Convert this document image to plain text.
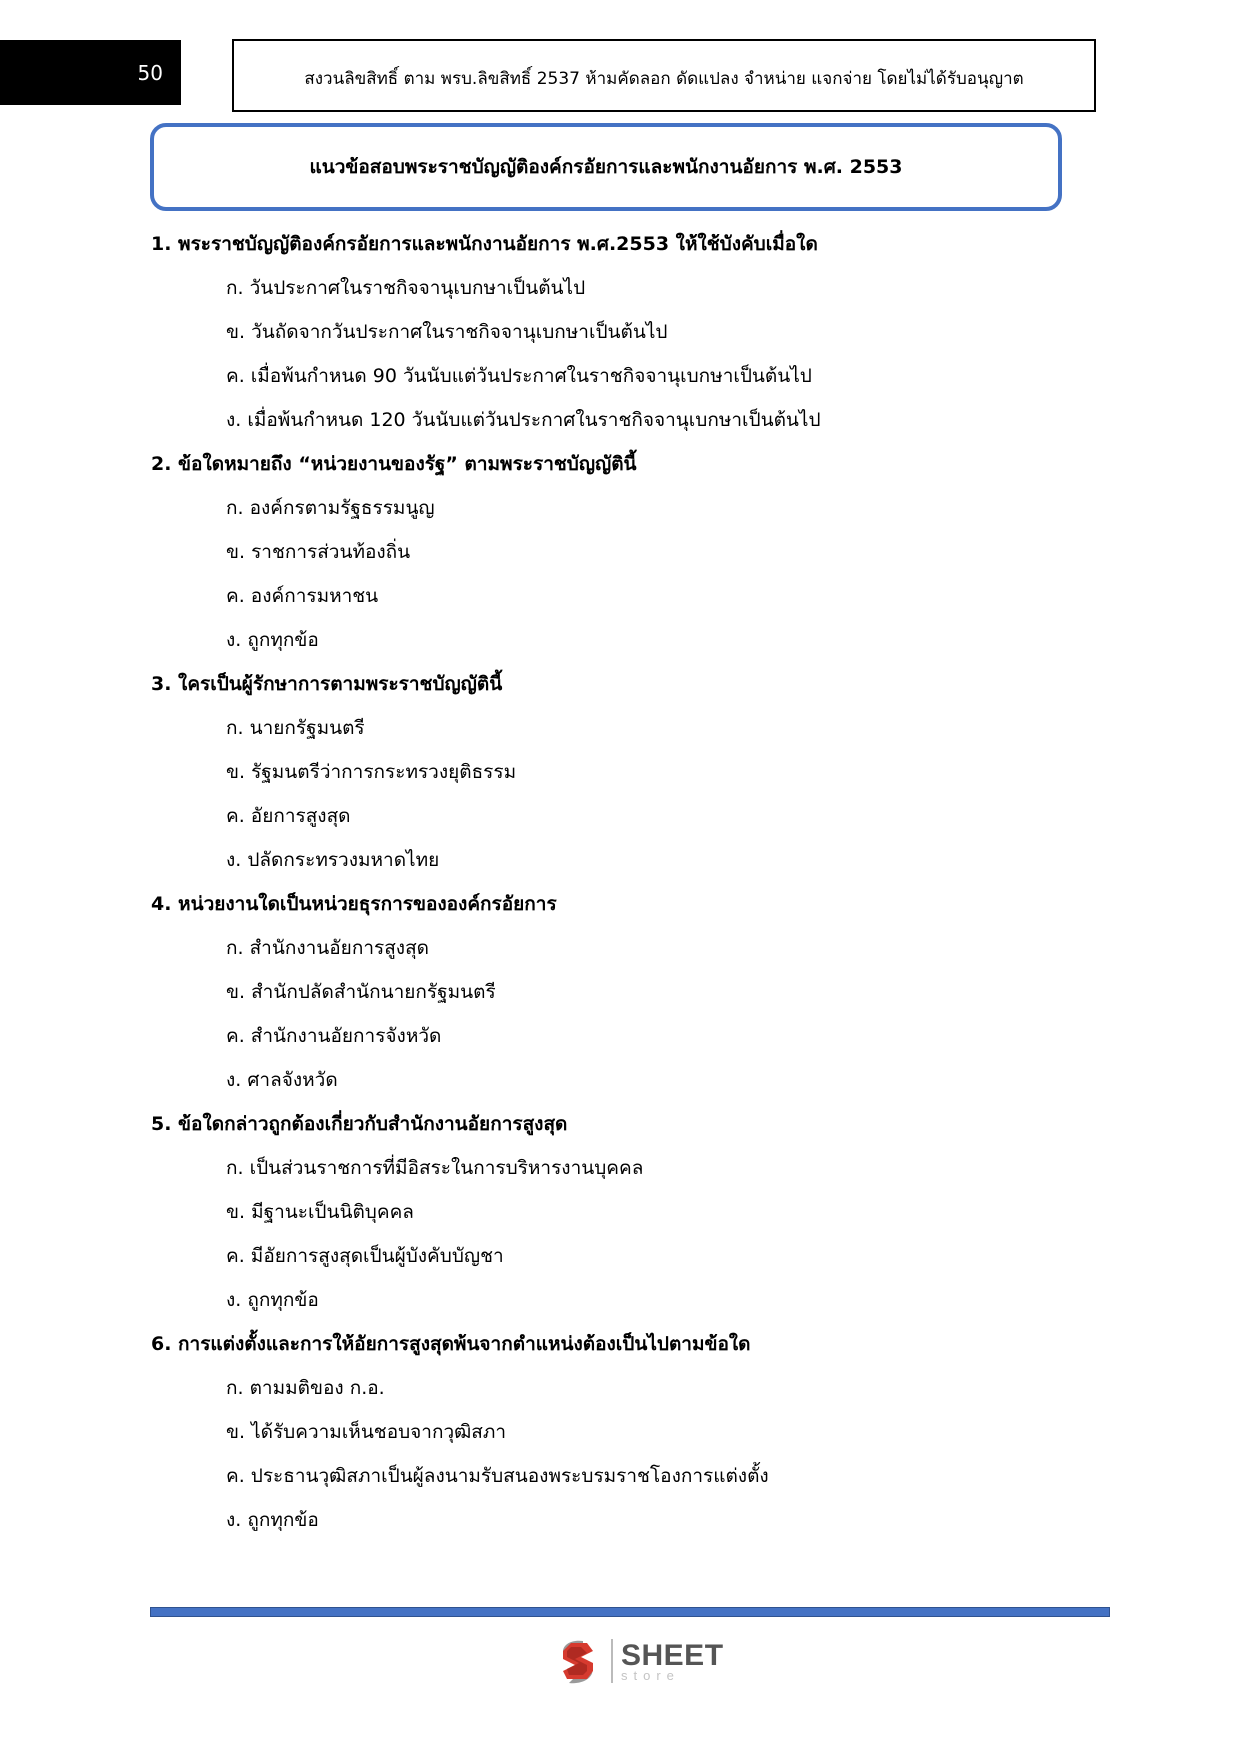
50	สงวนลิขสิทธิ์ ตาม พรบ.ลิขสิทธิ์ 2537 ห้ามคัดลอก ดัดแปลง จำหน่าย แจกจ่าย โดยไม่ได้รับอนุญาต
แนวข้อสอบพระราชบัญญัติองค์กรอัยการและพนักงานอัยการ พ.ศ. 2553
1. พระราชบัญญัติองค์กรอัยการและพนักงานอัยการ พ.ศ.2553 ให้ใช้บังคับเมื่อใด
ก. วันประกาศในราชกิจจานุเบกษาเป็นต้นไป
ข. วันถัดจากวันประกาศในราชกิจจานุเบกษาเป็นต้นไป
ค. เมื่อพ้นกำหนด 90 วันนับแต่วันประกาศในราชกิจจานุเบกษาเป็นต้นไป
ง. เมื่อพ้นกำหนด 120 วันนับแต่วันประกาศในราชกิจจานุเบกษาเป็นต้นไป
2. ข้อใดหมายถึง “หน่วยงานของรัฐ” ตามพระราชบัญญัตินี้
ก. องค์กรตามรัฐธรรมนูญ
ข. ราชการส่วนท้องถิ่น
ค. องค์การมหาชน
ง. ถูกทุกข้อ
3. ใครเป็นผู้รักษาการตามพระราชบัญญัตินี้
ก. นายกรัฐมนตรี
ข. รัฐมนตรีว่าการกระทรวงยุติธรรม
ค. อัยการสูงสุด
ง. ปลัดกระทรวงมหาดไทย
4. หน่วยงานใดเป็นหน่วยธุรการขององค์กรอัยการ
ก. สำนักงานอัยการสูงสุด
ข. สำนักปลัดสำนักนายกรัฐมนตรี
ค. สำนักงานอัยการจังหวัด
ง. ศาลจังหวัด
5. ข้อใดกล่าวถูกต้องเกี่ยวกับสำนักงานอัยการสูงสุด
ก. เป็นส่วนราชการที่มีอิสระในการบริหารงานบุคคล
ข. มีฐานะเป็นนิติบุคคล
ค. มีอัยการสูงสุดเป็นผู้บังคับบัญชา
ง. ถูกทุกข้อ
6. การแต่งตั้งและการให้อัยการสูงสุดพ้นจากตำแหน่งต้องเป็นไปตามข้อใด
ก. ตามมติของ ก.อ.
ข. ได้รับความเห็นชอบจากวุฒิสภา
ค. ประธานวุฒิสภาเป็นผู้ลงนามรับสนองพระบรมราชโองการแต่งตั้ง
ง. ถูกทุกข้อ
SHEET
store
